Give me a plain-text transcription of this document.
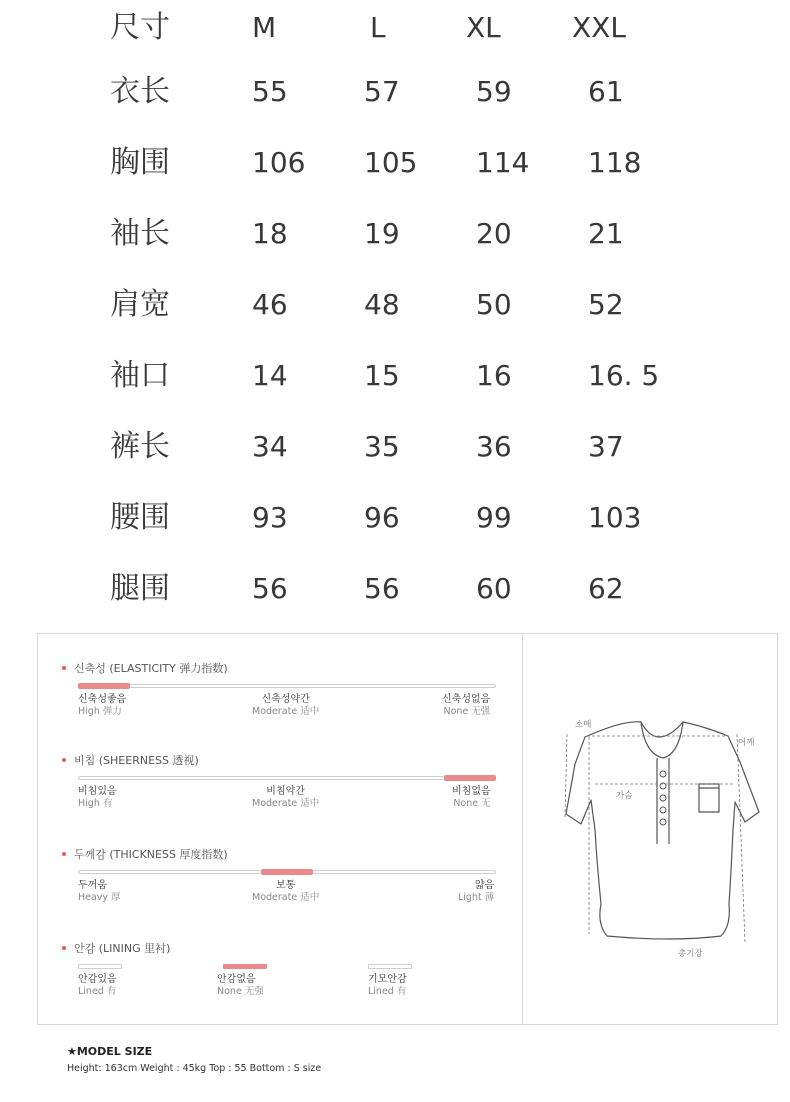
尺寸	M	L	XL	XXL
衣长	55	57	59	61
胸围	106 105 114 118
袖长	18	19	20	21
肩宽	46	48	50	52
袖口	14	15	16	16. 5
裤长	34	35	36	37
腰围	93	96	99	103
腿围	56	56	60	62
신축성 (ELASTICITY 弹力指数)
신축성좋음
High 弹力
신축성약간
Moderate 适中
신축성없음
None 无强
비침 (SHEERNESS 透视)
비침있음
High 有
비침약간
Moderate 适中
비침없음
None 无
두께감 (THICKNESS 厚度指数)
두꺼움
Heavy 厚
보통
Moderate 适中
얇음
Light 薄
안감 (LINING 里衬)
안감있음
Lined 有
안감없음
None 无强
기모안감
Lined 有
소매
어깨
가슴
총기장
★MODEL SIZE
Height: 163cm Weight : 45kg Top : 55 Bottom : S size
